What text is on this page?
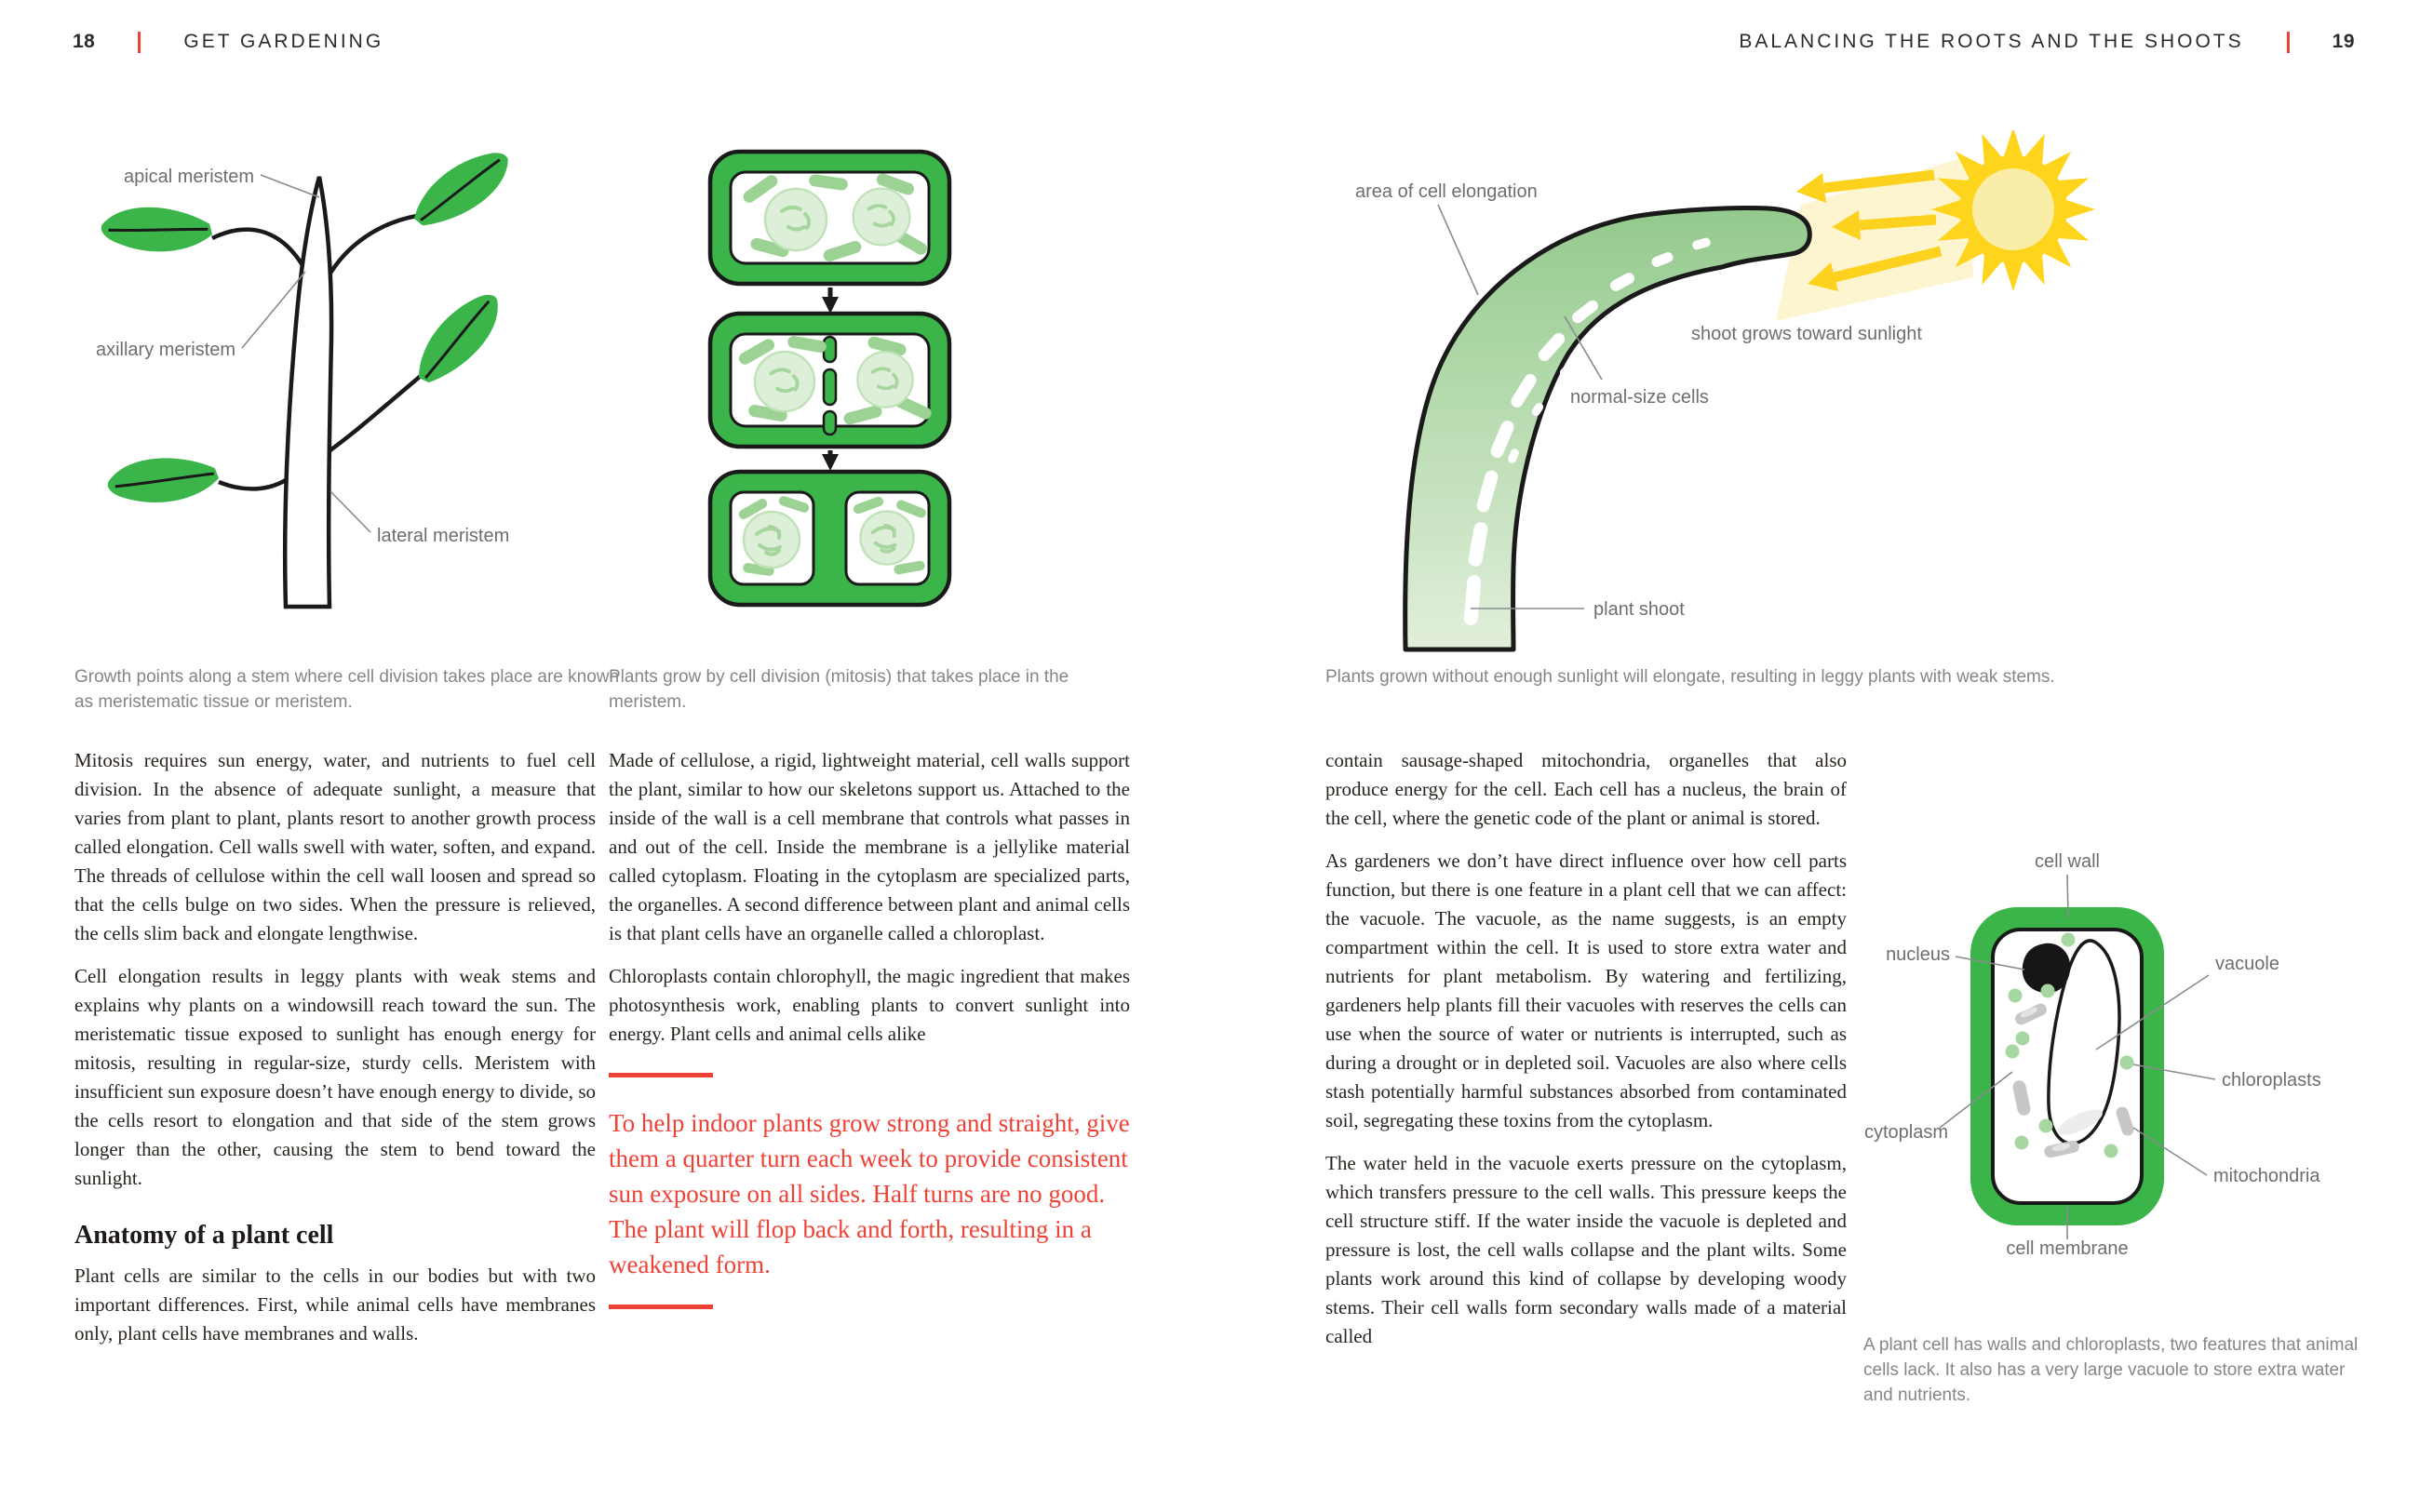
18	GET GARDENING	BALANCING THE ROOTS AND THE SHOOTS	19
apical meristem
axillary meristem
lateral meristem
Growth points along a stem where cell division takes place are known as meristematic tissue or meristem.
Plants grow by cell division (mitosis) that takes place in the meristem.

Mitosis requires sun energy, water, and nutrients to fuel cell division. In the absence of adequate sunlight, a measure that varies from plant to plant, plants resort to another growth process called elongation. Cell walls swell with water, soften, and expand. The threads of cellulose within the cell wall loosen and spread so that the cells bulge on two sides. When the pressure is relieved, the cells slim back and elongate lengthwise.

Cell elongation results in leggy plants with weak stems and explains why plants on a windowsill reach toward the sun. The meristematic tissue exposed to sunlight has enough energy for mitosis, resulting in regular-size, sturdy cells. Meristem with insufficient sun exposure doesn’t have enough energy to divide, so the cells resort to elongation and that side of the stem grows longer than the other, causing the stem to bend toward the sunlight.

Anatomy of a plant cell

Plant cells are similar to the cells in our bodies but with two important differences. First, while animal cells have membranes only, plant cells have membranes and walls.

Made of cellulose, a rigid, lightweight material, cell walls support the plant, similar to how our skeletons support us. Attached to the inside of the wall is a cell membrane that controls what passes in and out of the cell. Inside the membrane is a jellylike material called cytoplasm. Floating in the cytoplasm are specialized parts, the organelles. A second difference between plant and animal cells is that plant cells have an organelle called a chloroplast.

Chloroplasts contain chlorophyll, the magic ingredient that makes photosynthesis work, enabling plants to convert sunlight into energy. Plant cells and animal cells alike

To help indoor plants grow strong and straight, give them a quarter turn each week to provide consistent sun exposure on all sides. Half turns are no good. The plant will flop back and forth, resulting in a weakened form.
area of cell elongation
shoot grows toward sunlight
normal-size cells
plant shoot
Plants grown without enough sunlight will elongate, resulting in leggy plants with weak stems.

contain sausage-shaped mitochondria, organelles that also produce energy for the cell. Each cell has a nucleus, the brain of the cell, where the genetic code of the plant or animal is stored.

As gardeners we don’t have direct influence over how cell parts function, but there is one feature in a plant cell that we can affect: the vacuole. The vacuole, as the name suggests, is an empty compartment within the cell. It is used to store extra water and nutrients for plant metabolism. By watering and fertilizing, gardeners help plants fill their vacuoles with reserves the cells can use when the source of water or nutrients is interrupted, such as during a drought or in depleted soil. Vacuoles are also where cells stash potentially harmful substances absorbed from contaminated soil, segregating these toxins from the cytoplasm.

The water held in the vacuole exerts pressure on the cytoplasm, which transfers pressure to the cell walls. This pressure keeps the cell structure stiff. If the water inside the vacuole is depleted and pressure is lost, the cell walls collapse and the plant wilts. Some plants work around this kind of collapse by developing woody stems. Their cell walls form secondary walls made of a material called

cell wall
nucleus	vacuole
chloroplasts
cytoplasm
mitochondria
cell membrane
A plant cell has walls and chloroplasts, two features that animal cells lack. It also has a very large vacuole to store extra water and nutrients.
